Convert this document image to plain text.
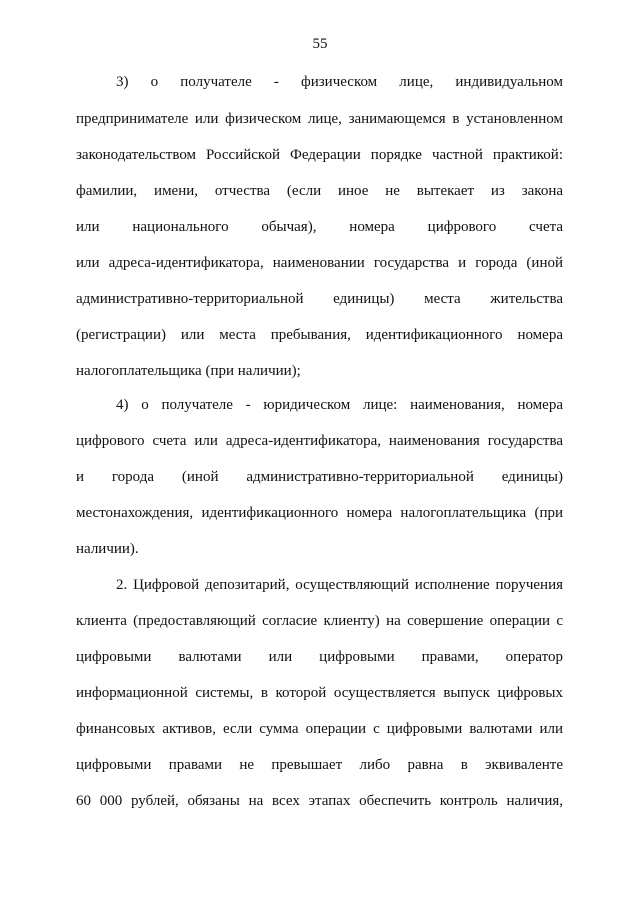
55
3) о получателе - физическом лице, индивидуальном
предпринимателе или физическом лице, занимающемся в установленном
законодательством Российской Федерации порядке частной практикой:
фамилии, имени, отчества (если иное не вытекает из закона
или национального обычая), номера цифрового счета
или адреса-идентификатора, наименовании государства и города (иной
административно-территориальной единицы) места жительства
(регистрации) или места пребывания, идентификационного номера
налогоплательщика (при наличии);
4) о получателе - юридическом лице: наименования, номера
цифрового счета или адреса-идентификатора, наименования государства
и города (иной административно-территориальной единицы)
местонахождения, идентификационного номера налогоплательщика (при
наличии).
2. Цифровой депозитарий, осуществляющий исполнение поручения
клиента (предоставляющий согласие клиенту) на совершение операции с
цифровыми валютами или цифровыми правами, оператор
информационной системы, в которой осуществляется выпуск цифровых
финансовых активов, если сумма операции с цифровыми валютами или
цифровыми правами не превышает либо равна в эквиваленте
60 000 рублей, обязаны на всех этапах обеспечить контроль наличия,
